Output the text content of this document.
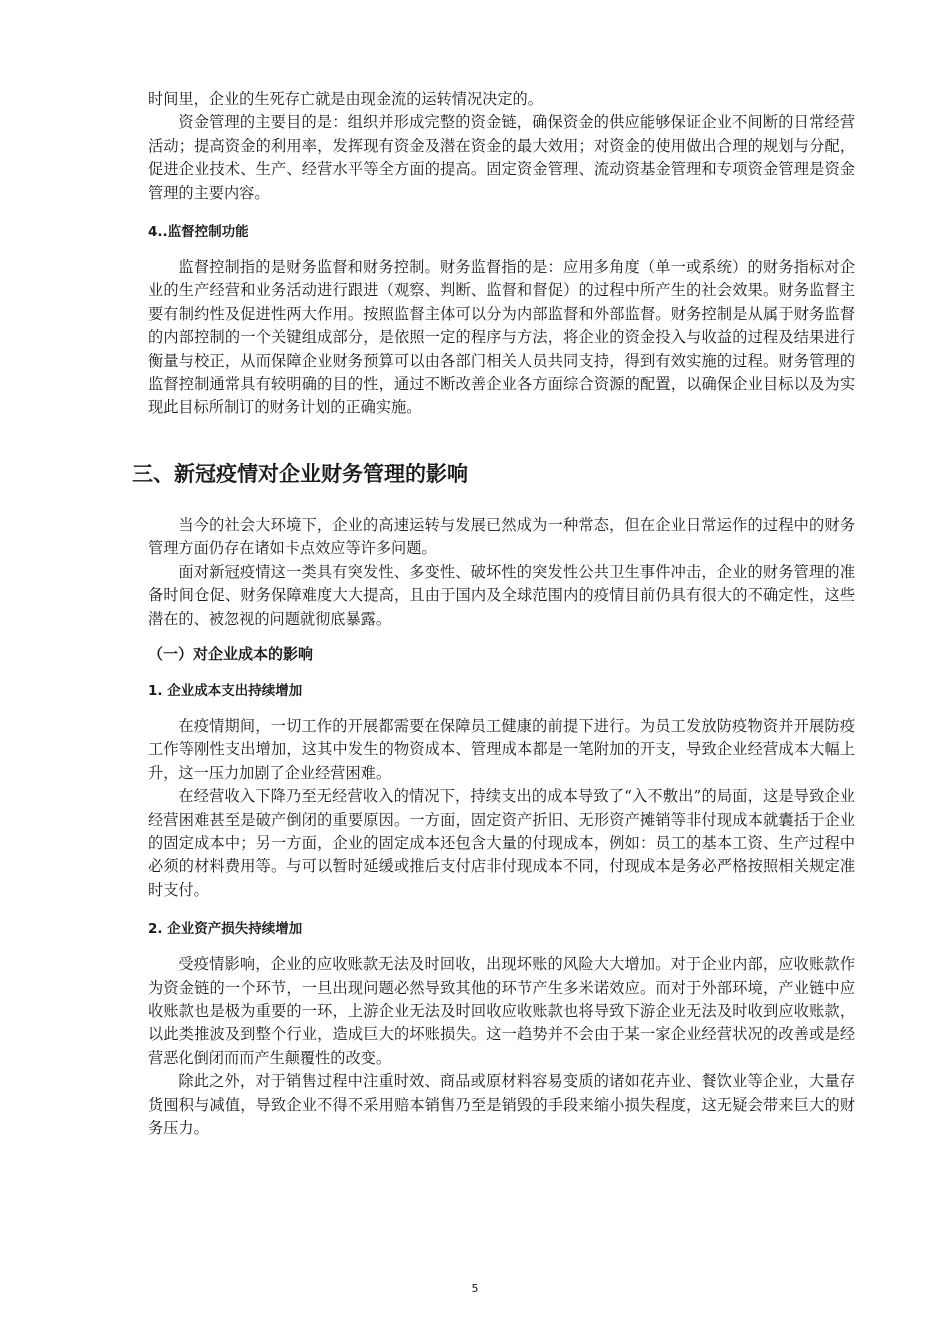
时间里，企业的生死存亡就是由现金流的运转情况决定的。

资金管理的主要目的是：组织并形成完整的资金链，确保资金的供应能够保证企业不间断的日常经营活动；提高资金的利用率，发挥现有资金及潜在资金的最大效用；对资金的使用做出合理的规划与分配，促进企业技术、生产、经营水平等全方面的提高。固定资金管理、流动资基金管理和专项资金管理是资金管理的主要内容。

4..监督控制功能

监督控制指的是财务监督和财务控制。财务监督指的是：应用多角度（单一或系统）的财务指标对企业的生产经营和业务活动进行跟进（观察、判断、监督和督促）的过程中所产生的社会效果。财务监督主要有制约性及促进性两大作用。按照监督主体可以分为内部监督和外部监督。财务控制是从属于财务监督的内部控制的一个关键组成部分，是依照一定的程序与方法，将企业的资金投入与收益的过程及结果进行衡量与校正，从而保障企业财务预算可以由各部门相关人员共同支持，得到有效实施的过程。财务管理的监督控制通常具有较明确的目的性，通过不断改善企业各方面综合资源的配置，以确保企业目标以及为实现此目标所制订的财务计划的正确实施。

三、新冠疫情对企业财务管理的影响

当今的社会大环境下，企业的高速运转与发展已然成为一种常态，但在企业日常运作的过程中的财务管理方面仍存在诸如卡点效应等许多问题。

面对新冠疫情这一类具有突发性、多变性、破坏性的突发性公共卫生事件冲击，企业的财务管理的准备时间仓促、财务保障难度大大提高，且由于国内及全球范围内的疫情目前仍具有很大的不确定性，这些潜在的、被忽视的问题就彻底暴露。

（一）对企业成本的影响
1. 企业成本支出持续增加

在疫情期间，一切工作的开展都需要在保障员工健康的前提下进行。为员工发放防疫物资并开展防疫工作等刚性支出增加，这其中发生的物资成本、管理成本都是一笔附加的开支，导致企业经营成本大幅上升，这一压力加剧了企业经营困难。

在经营收入下降乃至无经营收入的情况下，持续支出的成本导致了“入不敷出”的局面，这是导致企业经营困难甚至是破产倒闭的重要原因。一方面，固定资产折旧、无形资产摊销等非付现成本就囊括于企业的固定成本中；另一方面，企业的固定成本还包含大量的付现成本，例如：员工的基本工资、生产过程中必须的材料费用等。与可以暂时延缓或推后支付店非付现成本不同，付现成本是务必严格按照相关规定准时支付。

2. 企业资产损失持续增加

受疫情影响，企业的应收账款无法及时回收，出现坏账的风险大大增加。对于企业内部，应收账款作为资金链的一个环节，一旦出现问题必然导致其他的环节产生多米诺效应。而对于外部环境，产业链中应收账款也是极为重要的一环，上游企业无法及时回收应收账款也将导致下游企业无法及时收到应收账款，以此类推波及到整个行业，造成巨大的坏账损失。这一趋势并不会由于某一家企业经营状况的改善或是经营恶化倒闭而而产生颠覆性的改变。

除此之外，对于销售过程中注重时效、商品或原材料容易变质的诸如花卉业、餐饮业等企业，大量存货囤积与减值，导致企业不得不采用赔本销售乃至是销毁的手段来缩小损失程度，这无疑会带来巨大的财务压力。

5
